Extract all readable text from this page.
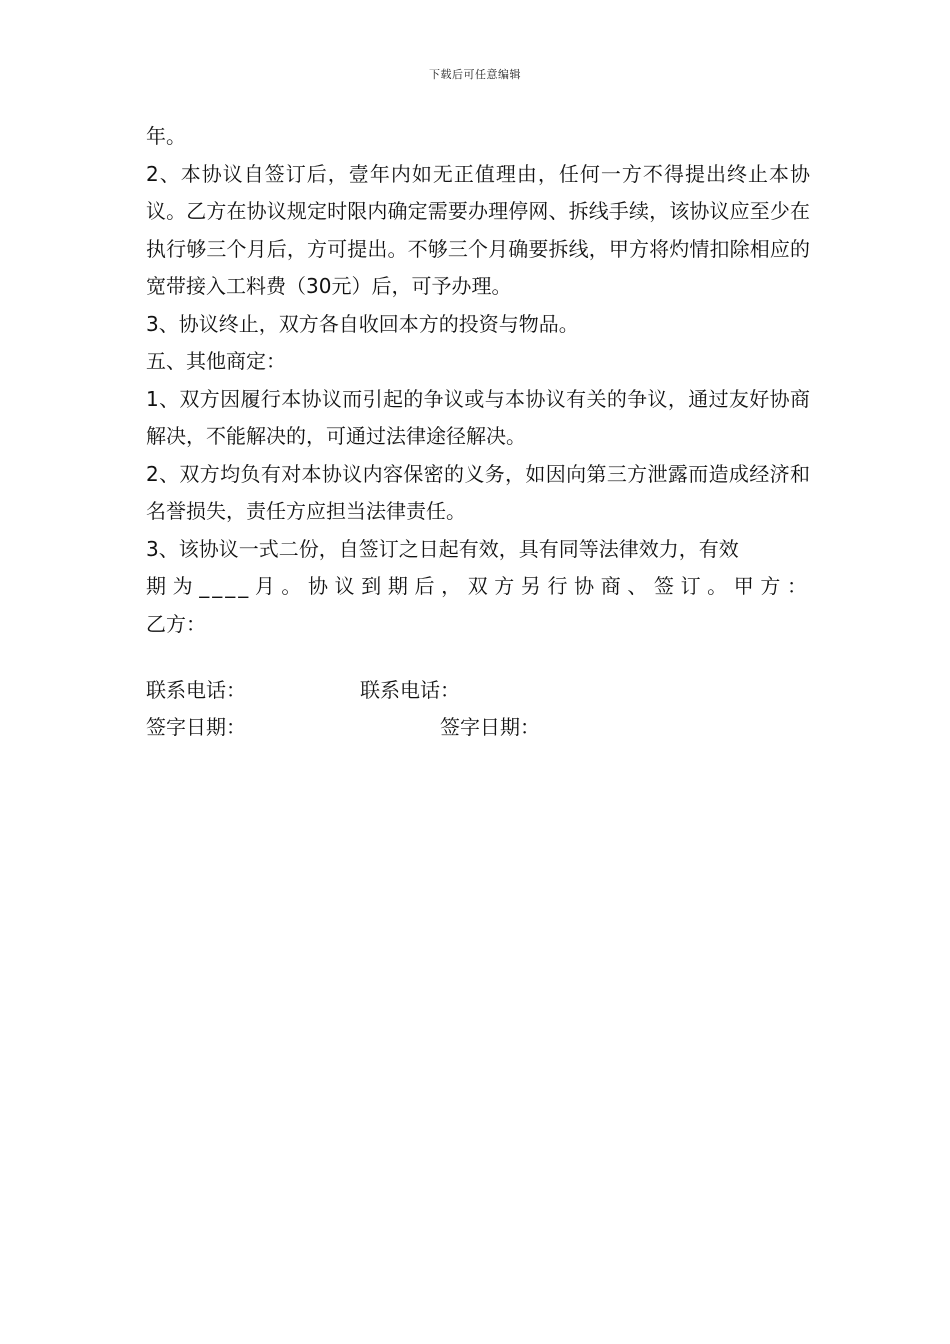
下载后可任意编辑

年。

2、本协议自签订后，壹年内如无正值理由，任何一方不得提出终止本协议。乙方在协议规定时限内确定需要办理停网、拆线手续，该协议应至少在执行够三个月后，方可提出。不够三个月确要拆线，甲方将灼情扣除相应的宽带接入工料费（30元）后，可予办理。

3、协议终止，双方各自收回本方的投资与物品。

五、其他商定：

1、双方因履行本协议而引起的争议或与本协议有关的争议，通过友好协商解决，不能解决的，可通过法律途径解决。

2、双方均负有对本协议内容保密的义务，如因向第三方泄露而造成经济和名誉损失，责任方应担当法律责任。

3、该协议一式二份，自签订之日起有效，具有同等法律效力，有效

期为____月。协议到期后，双方另行协商、签订。甲方：

乙方：

联系电话：	联系电话：
签字日期：	签字日期：
